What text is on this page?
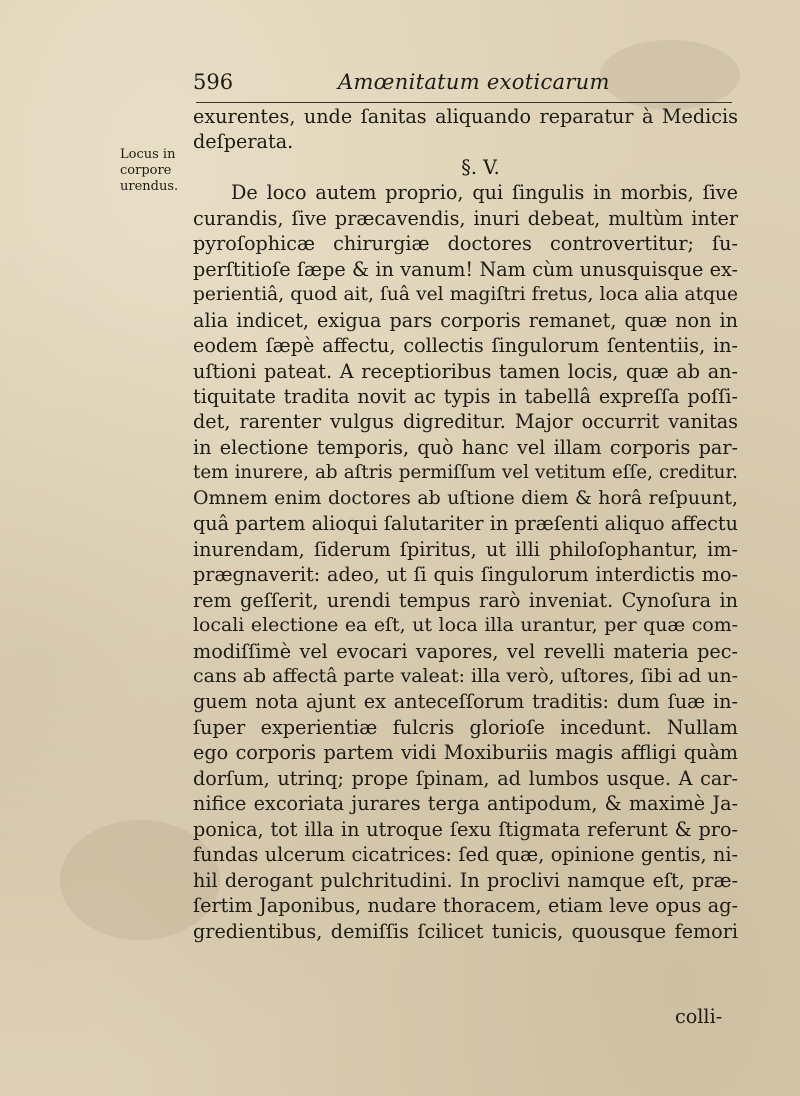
596	Amœnitatum exoticarum
Locus in
corpore
urendus.
exurentes, unde ſanitas aliquando reparatur à Medicis
deſperata.
§. V.
De loco autem proprio, qui ſingulis in morbis, ſive
curandis, ſive præcavendis, inuri debeat, multùm inter
pyroſophicæ chirurgiæ doctores controvertitur; ſu-
perſtitioſe ſæpe & in vanum! Nam cùm unusquisque ex-
perientiâ, quod ait, ſuâ vel magiſtri fretus, loca alia atque
alia indicet, exigua pars corporis remanet, quæ non in
eodem ſæpè affectu, collectis ſingulorum ſententiis, in-
uſtioni pateat. A receptioribus tamen locis, quæ ab an-
tiquitate tradita novit ac typis in tabellâ expreſſa poſſi-
det, rarenter vulgus digreditur. Major occurrit vanitas
in electione temporis, quò hanc vel illam corporis par-
tem inurere, ab aſtris permiſſum vel vetitum eſſe, creditur.
Omnem enim doctores ab uſtione diem & horâ reſpuunt,
quâ partem alioqui ſalutariter in præſenti aliquo affectu
inurendam, ſiderum ſpiritus, ut illi philoſophantur, im-
prægnaverit: adeo, ut ſi quis ſingulorum interdictis mo-
rem geſſerit, urendi tempus rarò inveniat. Cynoſura in
locali electione ea eſt, ut loca illa urantur, per quæ com-
modiſſimè vel evocari vapores, vel revelli materia pec-
cans ab affectâ parte valeat: illa verò, uſtores, ſibi ad un-
guem nota ajunt ex anteceſſorum traditis: dum ſuæ in-
ſuper experientiæ fulcris glorioſe incedunt. Nullam
ego corporis partem vidi Moxiburiis magis affligi quàm
dorſum, utrinq; prope ſpinam, ad lumbos usque. A car-
nifice excoriata jurares terga antipodum, & maximè Ja-
ponica, tot illa in utroque ſexu ſtigmata referunt & pro-
fundas ulcerum cicatrices: ſed quæ, opinione gentis, ni-
hil derogant pulchritudini. In proclivi namque eſt, præ-
ſertim Japonibus, nudare thoracem, etiam leve opus ag-
gredientibus, demiſſis ſcilicet tunicis, quousque femori
colli-
